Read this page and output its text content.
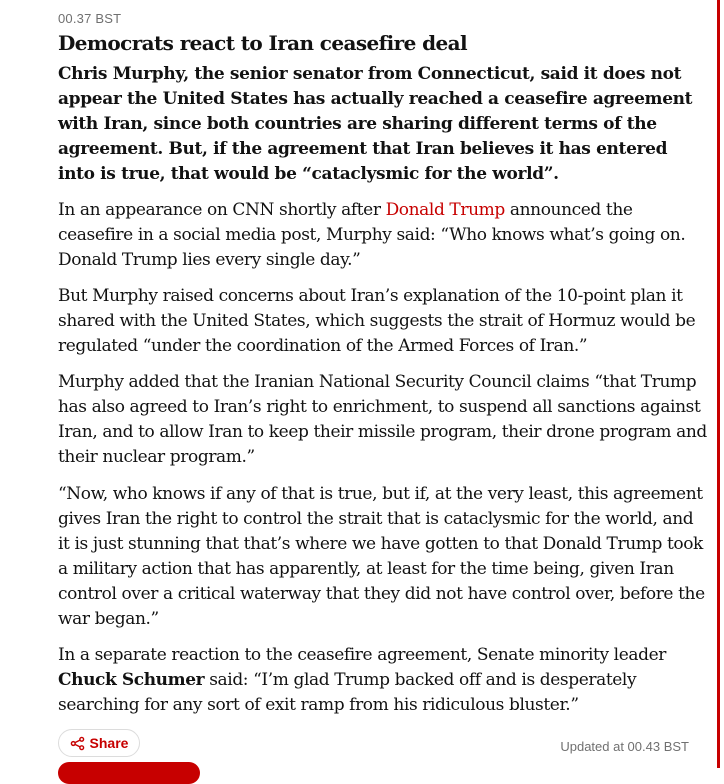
00.37 BST
Democrats react to Iran ceasefire deal

Chris Murphy, the senior senator from Connecticut, said it does not appear the United States has actually reached a ceasefire agreement with Iran, since both countries are sharing different terms of the agreement. But, if the agreement that Iran believes it has entered into is true, that would be “cataclysmic for the world”.

In an appearance on CNN shortly after Donald Trump announced the ceasefire in a social media post, Murphy said: “Who knows what’s going on. Donald Trump lies every single day.”

But Murphy raised concerns about Iran’s explanation of the 10-point plan it shared with the United States, which suggests the strait of Hormuz would be regulated “under the coordination of the Armed Forces of Iran.”

Murphy added that the Iranian National Security Council claims “that Trump has also agreed to Iran’s right to enrichment, to suspend all sanctions against Iran, and to allow Iran to keep their missile program, their drone program and their nuclear program.”

“Now, who knows if any of that is true, but if, at the very least, this agreement gives Iran the right to control the strait that is cataclysmic for the world, and it is just stunning that that’s where we have gotten to that Donald Trump took a military action that has apparently, at least for the time being, given Iran control over a critical waterway that they did not have control over, before the war began.”

In a separate reaction to the ceasefire agreement, Senate minority leader Chuck Schumer said: “I’m glad Trump backed off and is desperately searching for any sort of exit ramp from his ridiculous bluster.”

Share	Updated at 00.43 BST
